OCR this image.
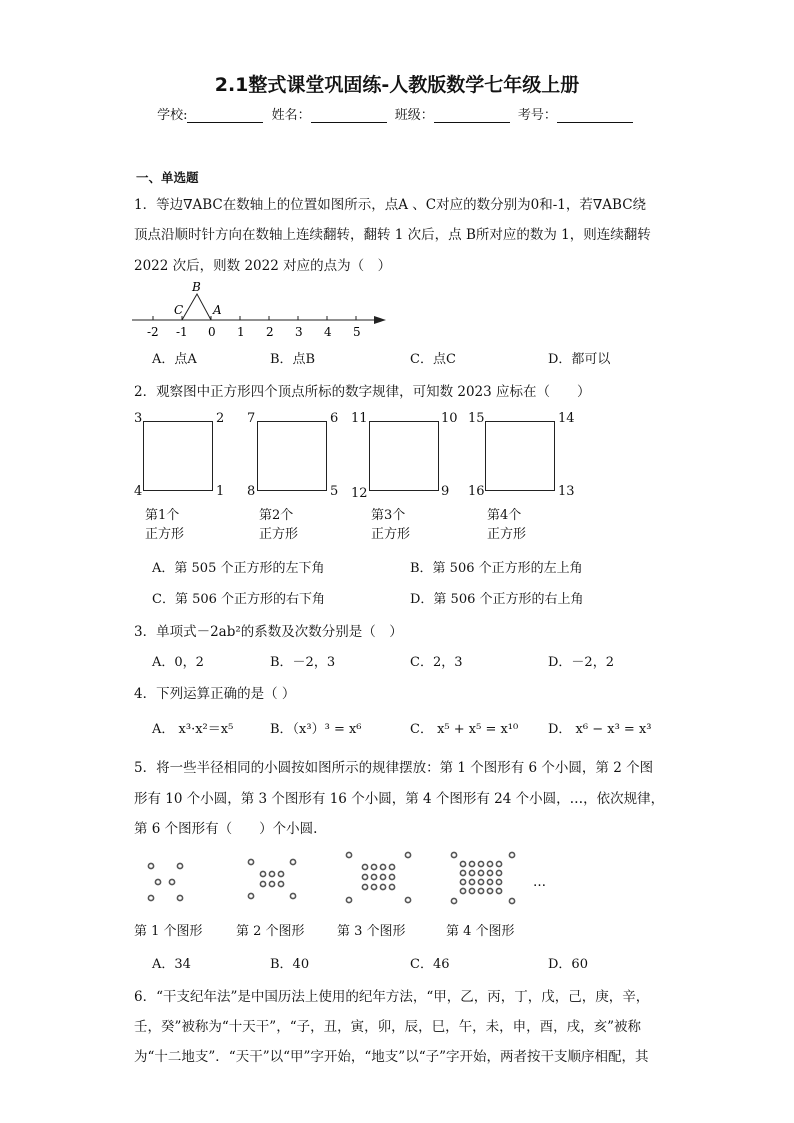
2.1整式课堂巩固练-人教版数学七年级上册
学校:	姓名：	班级：	考号：
一、单选题
1．等边∇ABC在数轴上的位置如图所示，点A 、C对应的数分别为0和-1，若∇ABC绕
顶点沿顺时针方向在数轴上连续翻转，翻转 1 次后，点 B所对应的数为 1，则连续翻转
2022 次后，则数 2022 对应的点为（　）
B
C A
-2 -1 0 1 2 3 4 5
A．点A	B．点B	C．点C	D．都可以
2．观察图中正方形四个顶点所标的数字规律，可知数 2023 应标在（　　）
3	2
4	1
第1个
正方形
7	6
8	5
第2个
正方形
11	10
12	9
第3个
正方形
15	14
16	13
第4个
正方形
A．第 505 个正方形的左下角	B．第 506 个正方形的左上角
C．第 506 个正方形的右下角	D．第 506 个正方形的右上角
3．单项式－2ab²的系数及次数分别是（　）
A．0，2	B．－2，3	C．2，3	D．－2，2
4．下列运算正确的是（ ）
A． x³·x²＝x⁵	B．（x³）³ = x⁶	C． x⁵ + x⁵ = x¹⁰ D． x⁶ − x³ = x³
5．将一些半径相同的小圆按如图所示的规律摆放：第 1 个图形有 6 个小圆，第 2 个图
形有 10 个小圆，第 3 个图形有 16 个小圆，第 4 个图形有 24 个小圆，…，依次规律，
第 6 个图形有（　　）个小圆.
…
第 1 个图形	第 2 个图形 第 3 个图形	第 4 个图形
A．34	B．40	C．46	D．60
6．“干支纪年法”是中国历法上使用的纪年方法，“甲，乙，丙，丁，戊，己，庚，辛，
壬，癸”被称为“十天干”，“子，丑，寅，卯，辰，巳，午，未，申，酉，戌，亥”被称
为“十二地支”．“天干”以“甲”字开始，“地支”以“子”字开始，两者按干支顺序相配，其
